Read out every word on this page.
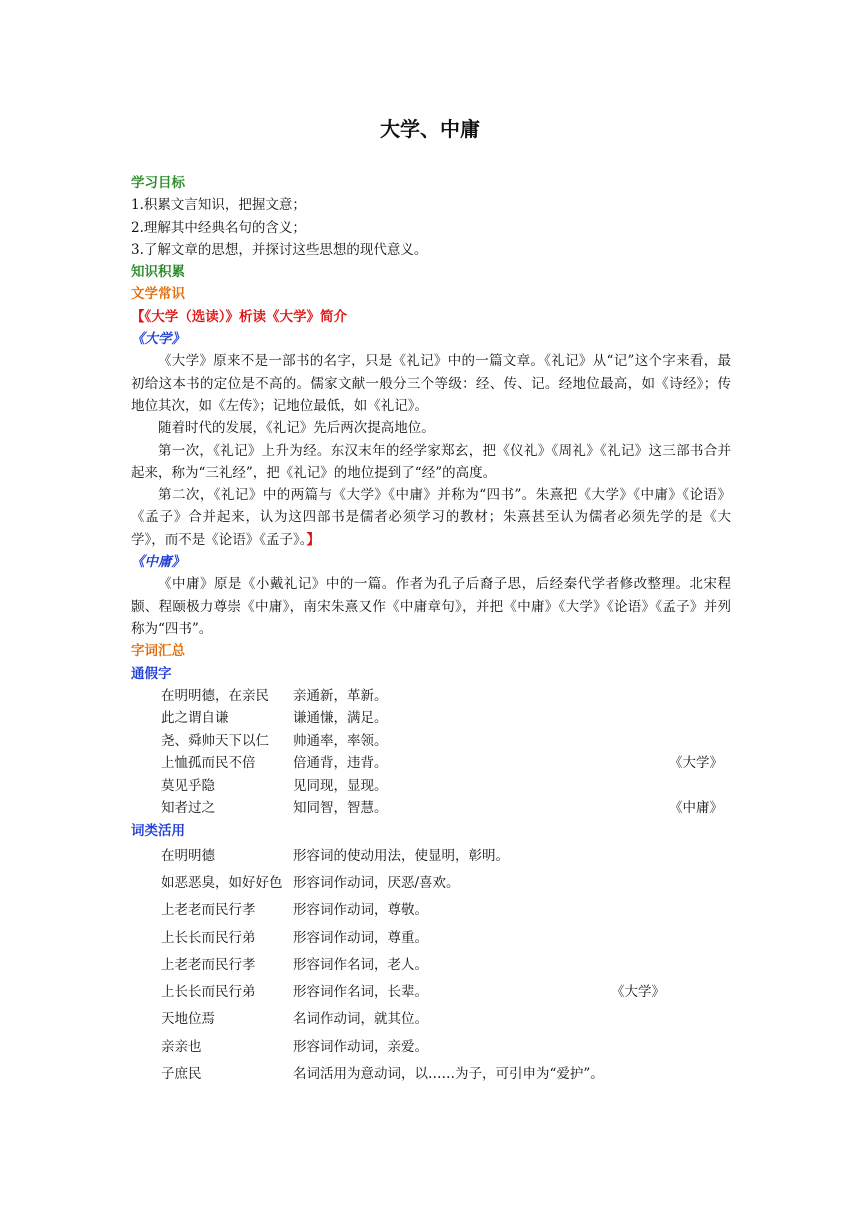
大学、中庸
学习目标
1.积累文言知识，把握文意；
2.理解其中经典名句的含义；
3.了解文章的思想，并探讨这些思想的现代意义。
知识积累
文学常识
【《大学（选读）》析读《大学》简介
《大学》

《大学》原来不是一部书的名字，只是《礼记》中的一篇文章。《礼记》从“记”这个字来看，最初给这本书的定位是不高的。儒家文献一般分三个等级：经、传、记。经地位最高，如《诗经》；传地位其次，如《左传》；记地位最低，如《礼记》。

随着时代的发展，《礼记》先后两次提高地位。

第一次，《礼记》上升为经。东汉末年的经学家郑玄，把《仪礼》《周礼》《礼记》这三部书合并起来，称为“三礼经”，把《礼记》的地位提到了“经”的高度。

第二次，《礼记》中的两篇与《大学》《中庸》并称为“四书”。朱熹把《大学》《中庸》《论语》《孟子》合并起来，认为这四部书是儒者必须学习的教材；朱熹甚至认为儒者必须先学的是《大学》，而不是《论语》《孟子》。】

《中庸》

《中庸》原是《小戴礼记》中的一篇。作者为孔子后裔子思，后经秦代学者修改整理。北宋程颢、程颐极力尊崇《中庸》，南宋朱熹又作《中庸章句》，并把《中庸》《大学》《论语》《孟子》并列称为“四书”。

字词汇总
通假字
在明明德，在亲民	亲通新，革新。
此之谓自谦	谦通慊，满足。
尧、舜帅天下以仁	帅通率，率领。
上恤孤而民不倍	倍通背，违背。	《大学》
莫见乎隐	见同现，显现。
知者过之	知同智，智慧。	《中庸》
词类活用
在明明德	形容词的使动用法，使显明，彰明。
如恶恶臭，如好好色 形容词作动词，厌恶/喜欢。
上老老而民行孝	形容词作动词，尊敬。
上长长而民行弟	形容词作动词，尊重。
上老老而民行孝	形容词作名词，老人。
上长长而民行弟	形容词作名词，长辈。	《大学》
天地位焉	名词作动词，就其位。
亲亲也	形容词作动词，亲爱。
子庶民	名词活用为意动词，以……为子，可引申为“爱护”。
